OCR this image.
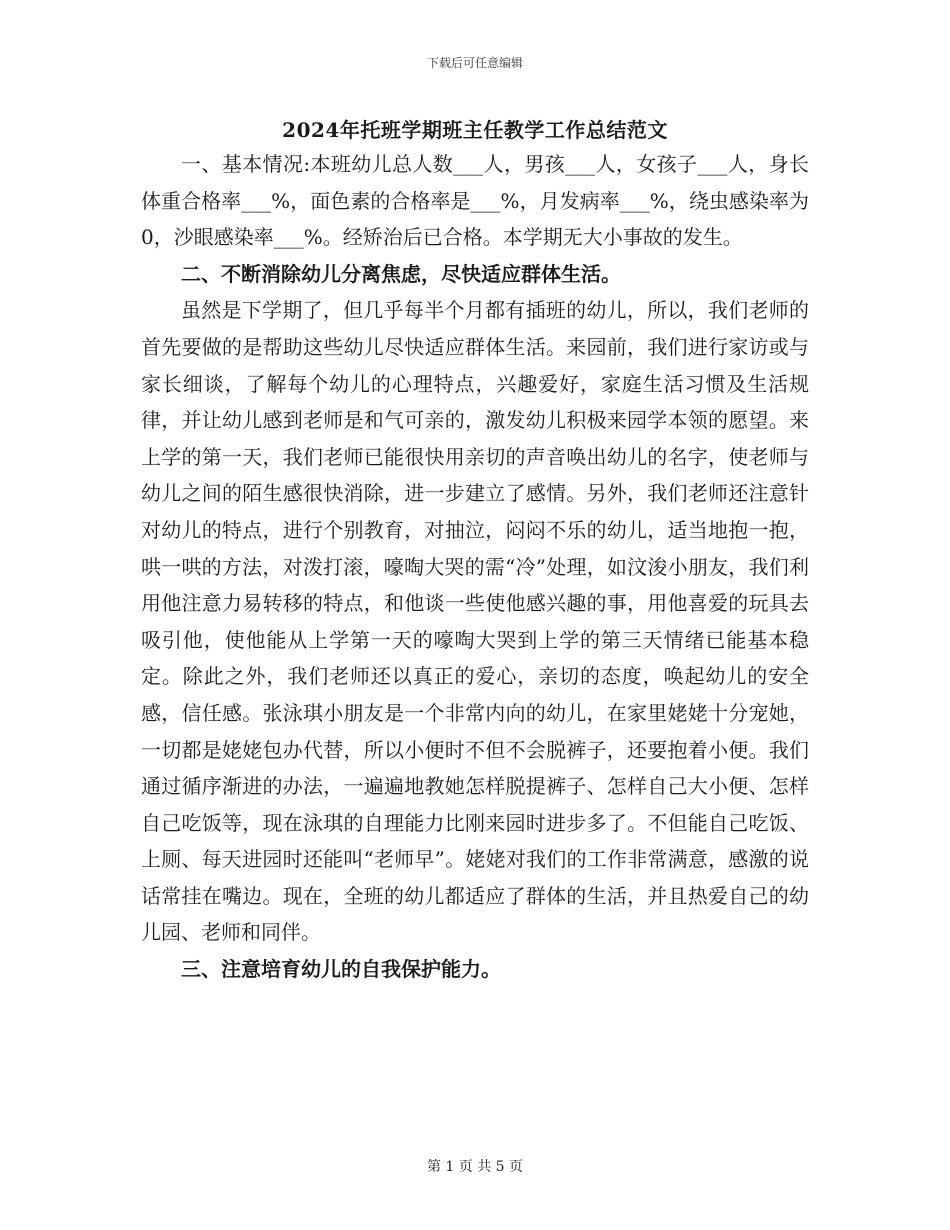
下载后可任意编辑
2024年托班学期班主任教学工作总结范文

一、基本情况:本班幼儿总人数___人，男孩___人，女孩子___人，身长体重合格率___%，面色素的合格率是___%，月发病率___%，绕虫感染率为0，沙眼感染率___%。经矫治后已合格。本学期无大小事故的发生。

二、不断消除幼儿分离焦虑，尽快适应群体生活。

虽然是下学期了，但几乎每半个月都有插班的幼儿，所以，我们老师的首先要做的是帮助这些幼儿尽快适应群体生活。来园前，我们进行家访或与家长细谈，了解每个幼儿的心理特点，兴趣爱好，家庭生活习惯及生活规律，并让幼儿感到老师是和气可亲的，激发幼儿积极来园学本领的愿望。来上学的第一天，我们老师已能很快用亲切的声音唤出幼儿的名字，使老师与幼儿之间的陌生感很快消除，进一步建立了感情。另外，我们老师还注意针对幼儿的特点，进行个别教育，对抽泣，闷闷不乐的幼儿，适当地抱一抱，哄一哄的方法，对泼打滚，嚎啕大哭的需“冷”处理，如汶浚小朋友，我们利用他注意力易转移的特点，和他谈一些使他感兴趣的事，用他喜爱的玩具去吸引他，使他能从上学第一天的嚎啕大哭到上学的第三天情绪已能基本稳定。除此之外，我们老师还以真正的爱心，亲切的态度，唤起幼儿的安全感，信任感。张泳琪小朋友是一个非常内向的幼儿，在家里姥姥十分宠她，一切都是姥姥包办代替，所以小便时不但不会脱裤子，还要抱着小便。我们通过循序渐进的办法，一遍遍地教她怎样脱提裤子、怎样自己大小便、怎样自己吃饭等，现在泳琪的自理能力比刚来园时进步多了。不但能自己吃饭、上厕、每天进园时还能叫“老师早”。姥姥对我们的工作非常满意，感激的说话常挂在嘴边。现在，全班的幼儿都适应了群体的生活，并且热爱自己的幼儿园、老师和同伴。

三、注意培育幼儿的自我保护能力。

第 1 页 共 5 页
